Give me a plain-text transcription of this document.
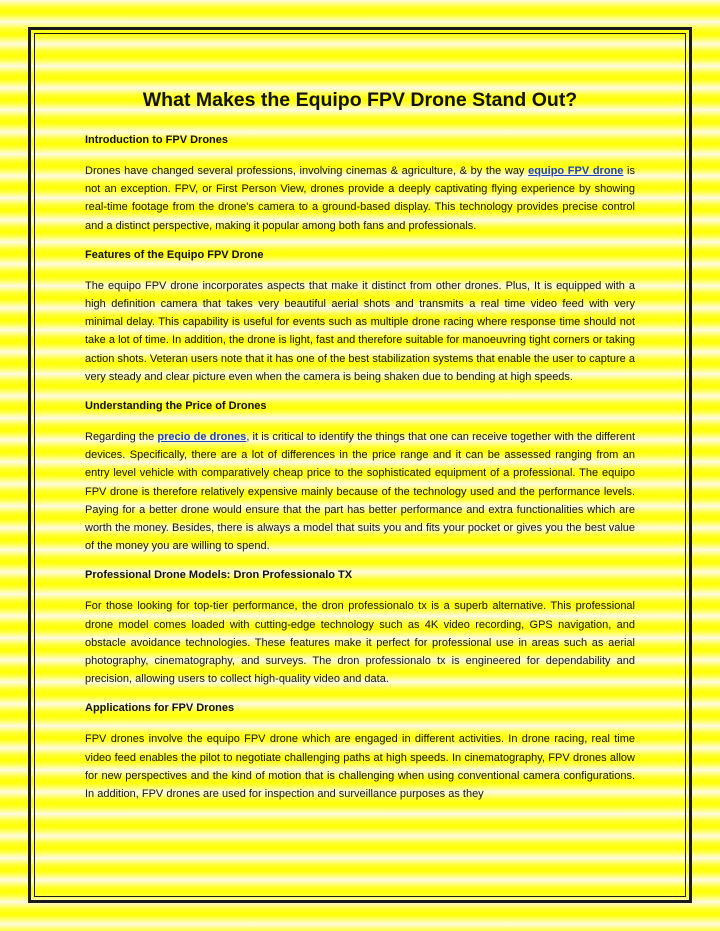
What Makes the Equipo FPV Drone Stand Out?
Introduction to FPV Drones

Drones have changed several professions, involving cinemas & agriculture, & by the way equipo FPV drone is not an exception. FPV, or First Person View, drones provide a deeply captivating flying experience by showing real-time footage from the drone's camera to a ground-based display. This technology provides precise control and a distinct perspective, making it popular among both fans and professionals.

Features of the Equipo FPV Drone

The equipo FPV drone incorporates aspects that make it distinct from other drones. Plus, It is equipped with a high definition camera that takes very beautiful aerial shots and transmits a real time video feed with very minimal delay. This capability is useful for events such as multiple drone racing where response time should not take a lot of time. In addition, the drone is light, fast and therefore suitable for manoeuvring tight corners or taking action shots. Veteran users note that it has one of the best stabilization systems that enable the user to capture a very steady and clear picture even when the camera is being shaken due to bending at high speeds.

Understanding the Price of Drones

Regarding the precio de drones, it is critical to identify the things that one can receive together with the different devices. Specifically, there are a lot of differences in the price range and it can be assessed ranging from an entry level vehicle with comparatively cheap price to the sophisticated equipment of a professional. The equipo FPV drone is therefore relatively expensive mainly because of the technology used and the performance levels. Paying for a better drone would ensure that the part has better performance and extra functionalities which are worth the money. Besides, there is always a model that suits you and fits your pocket or gives you the best value of the money you are willing to spend.

Professional Drone Models: Dron Professionalo TX

For those looking for top-tier performance, the dron professionalo tx is a superb alternative. This professional drone model comes loaded with cutting-edge technology such as 4K video recording, GPS navigation, and obstacle avoidance technologies. These features make it perfect for professional use in areas such as aerial photography, cinematography, and surveys. The dron professionalo tx is engineered for dependability and precision, allowing users to collect high-quality video and data.

Applications for FPV Drones

FPV drones involve the equipo FPV drone which are engaged in different activities. In drone racing, real time video feed enables the pilot to negotiate challenging paths at high speeds. In cinematography, FPV drones allow for new perspectives and the kind of motion that is challenging when using conventional camera configurations. In addition, FPV drones are used for inspection and surveillance purposes as they
